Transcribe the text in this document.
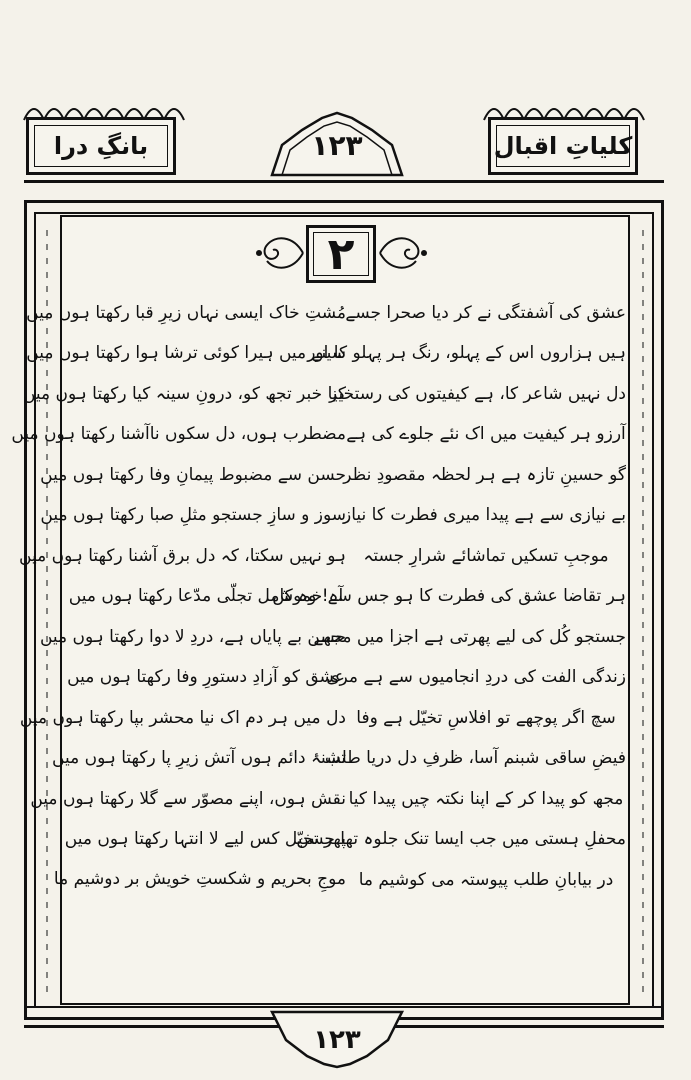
بانگِ درا	کلیاتِ اقبال
١٢٣
٢
عشق کی آشفتگی نے کر دیا صحرا جسے
مُشتِ خاک ایسی نہاں زیرِ قبا رکھتا ہوں میں
ہیں ہزاروں اس کے پہلو، رنگ ہر پہلو کا اور
سینے میں ہیرا کوئی ترشا ہوا رکھتا ہوں میں
دل نہیں شاعر کا، ہے کیفیتوں کی رستخیز
کیا خبر تجھ کو، درونِ سینہ کیا رکھتا ہوں میں
آرزو ہر کیفیت میں اک نئے جلوے کی ہے
مضطرب ہوں، دل سکوں ناآشنا رکھتا ہوں میں
گو حسینِ تازہ ہے ہر لحظہ مقصودِ نظر
حسن سے مضبوط پیمانِ وفا رکھتا ہوں میں
بے نیازی سے ہے پیدا میری فطرت کا نیاز
سوز و سازِ جستجو مثلِ صبا رکھتا ہوں میں
موجبِ تسکیں تماشائے شرارِ جستہ
ہو نہیں سکتا، کہ دل برق آشنا رکھتا ہوں میں
ہر تقاضا عشق کی فطرت کا ہو جس سے خموش
آہ! وہ کامل تجلّی مدّعا رکھتا ہوں میں
جستجو کُل کی لیے پھرتی ہے اجزا میں مجھے
حسن بے پایاں ہے، دردِ لا دوا رکھتا ہوں میں
زندگی الفت کی دردِ انجامیوں سے ہے مری
عشق کو آزادِ دستورِ وفا رکھتا ہوں میں
سچ اگر پوچھے تو افلاسِ تخیّل ہے وفا
دل میں ہر دم اک نیا محشر بپا رکھتا ہوں میں
فیضِ ساقی شبنم آسا، ظرفِ دل دریا طلب
تشنۂ دائم ہوں آتش زیرِ پا رکھتا ہوں میں
مجھ کو پیدا کر کے اپنا نکتہ چیں پیدا کیا
نقش ہوں، اپنے مصوّر سے گلا رکھتا ہوں میں
محفلِ ہستی میں جب ایسا تنک جلوہ تھا حسن
پھر تخیّل کس لیے لا انتہا رکھتا ہوں میں
در بیابانِ طلب پیوستہ می کوشیم ما
موجِ بحریم و شکستِ خویش بر دوشیم ما
١٢٣
